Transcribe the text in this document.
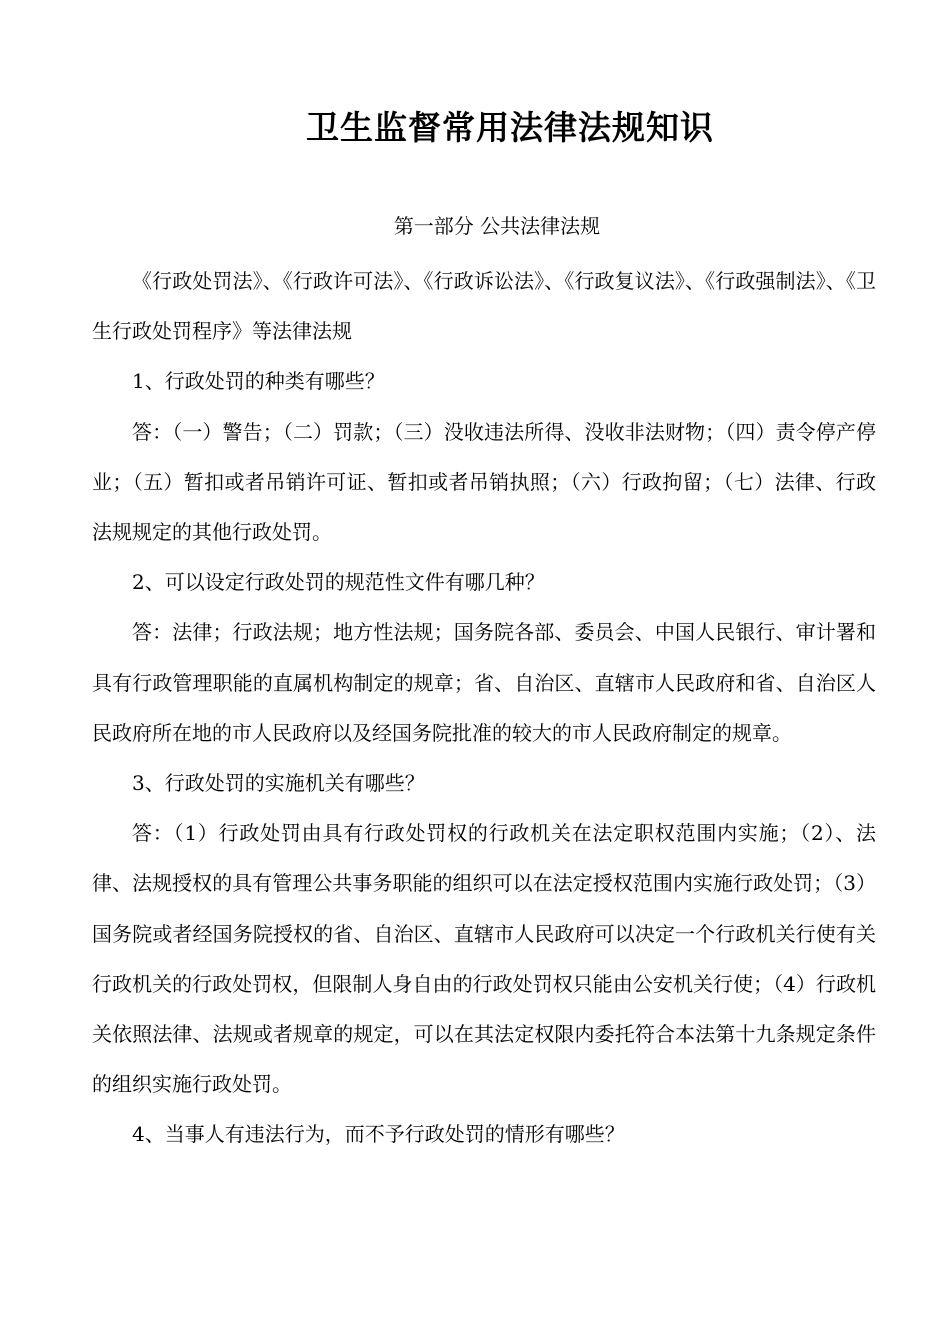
卫生监督常用法律法规知识
第一部分 公共法律法规

《行政处罚法》、《行政许可法》、《行政诉讼法》、《行政复议法》、《行政强制法》、《卫生行政处罚程序》等法律法规

1、行政处罚的种类有哪些？

答：（一）警告；（二）罚款；（三）没收违法所得、没收非法财物；（四）责令停产停业；（五）暂扣或者吊销许可证、暂扣或者吊销执照；（六）行政拘留；（七）法律、行政法规规定的其他行政处罚。

2、可以设定行政处罚的规范性文件有哪几种？

答：法律；行政法规；地方性法规；国务院各部、委员会、中国人民银行、审计署和具有行政管理职能的直属机构制定的规章；省、自治区、直辖市人民政府和省、自治区人民政府所在地的市人民政府以及经国务院批准的较大的市人民政府制定的规章。

3、行政处罚的实施机关有哪些？

答：（1）行政处罚由具有行政处罚权的行政机关在法定职权范围内实施；（2）、法律、法规授权的具有管理公共事务职能的组织可以在法定授权范围内实施行政处罚；（3）国务院或者经国务院授权的省、自治区、直辖市人民政府可以决定一个行政机关行使有关行政机关的行政处罚权，但限制人身自由的行政处罚权只能由公安机关行使；（4）行政机关依照法律、法规或者规章的规定，可以在其法定权限内委托符合本法第十九条规定条件的组织实施行政处罚。

4、当事人有违法行为，而不予行政处罚的情形有哪些？
